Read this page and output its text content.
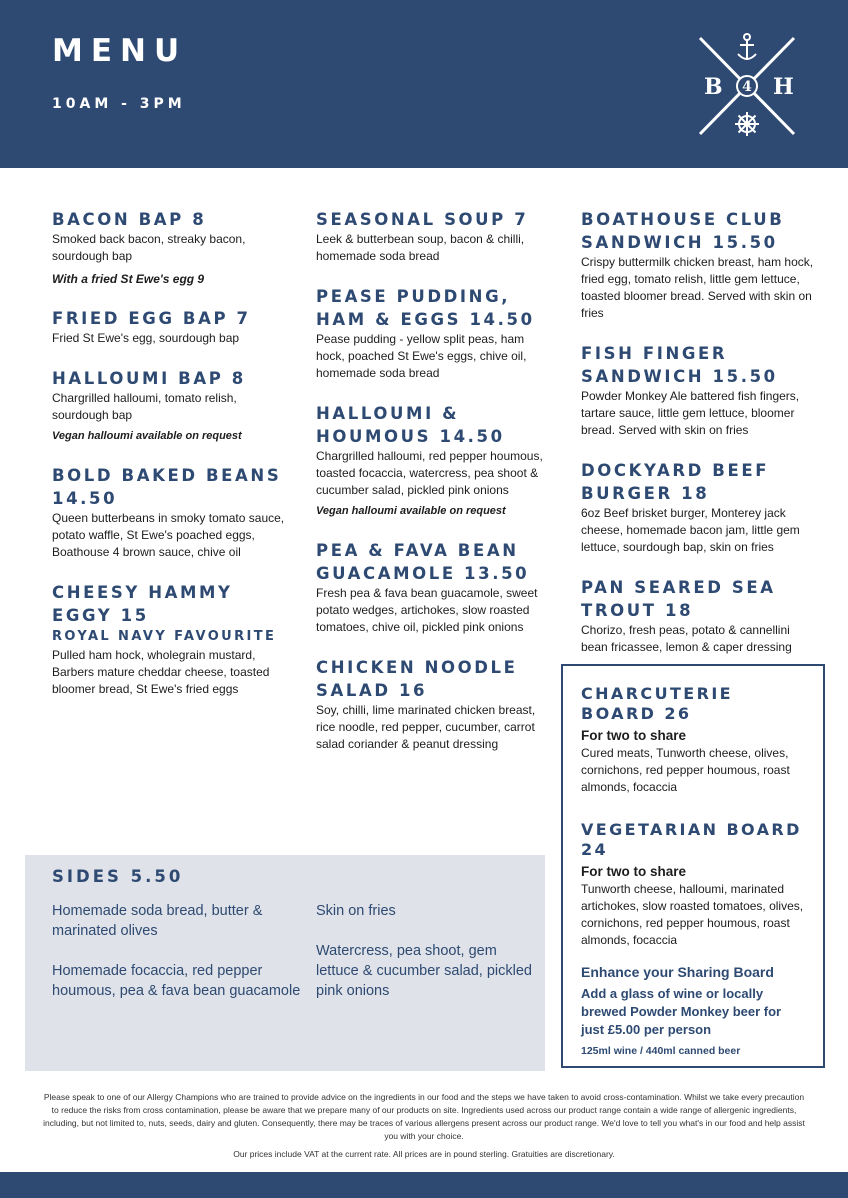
MENU
10AM - 3PM
4
B H
BACON BAP 8
Smoked back bacon, streaky bacon, sourdough bap
With a fried St Ewe's egg 9
FRIED EGG BAP 7
Fried St Ewe's egg, sourdough bap
HALLOUMI BAP 8
Chargrilled halloumi, tomato relish, sourdough bap
Vegan halloumi available on request
BOLD BAKED BEANS 14.50
Queen butterbeans in smoky tomato sauce, potato waffle, St Ewe's poached eggs, Boathouse 4 brown sauce, chive oil
CHEESY HAMMY EGGY 15
ROYAL NAVY FAVOURITE
Pulled ham hock, wholegrain mustard, Barbers mature cheddar cheese, toasted bloomer bread, St Ewe's fried eggs
SEASONAL SOUP 7
Leek & butterbean soup, bacon & chilli, homemade soda bread
PEASE PUDDING, HAM & EGGS 14.50
Pease pudding - yellow split peas, ham hock, poached St Ewe's eggs, chive oil, homemade soda bread
HALLOUMI & HOUMOUS 14.50
Chargrilled halloumi, red pepper houmous, toasted focaccia, watercress, pea shoot & cucumber salad, pickled pink onions
Vegan halloumi available on request
PEA & FAVA BEAN GUACAMOLE 13.50
Fresh pea & fava bean guacamole, sweet potato wedges, artichokes, slow roasted tomatoes, chive oil, pickled pink onions
CHICKEN NOODLE SALAD 16
Soy, chilli, lime marinated chicken breast, rice noodle, red pepper, cucumber, carrot salad coriander & peanut dressing
BOATHOUSE CLUB SANDWICH 15.50
Crispy buttermilk chicken breast, ham hock, fried egg, tomato relish, little gem lettuce, toasted bloomer bread. Served with skin on fries
FISH FINGER SANDWICH 15.50
Powder Monkey Ale battered fish fingers, tartare sauce, little gem lettuce, bloomer bread. Served with skin on fries
DOCKYARD BEEF BURGER 18
6oz Beef brisket burger, Monterey jack cheese, homemade bacon jam, little gem lettuce, sourdough bap, skin on fries
PAN SEARED SEA TROUT 18
Chorizo, fresh peas, potato & cannellini bean fricassee, lemon & caper dressing
CHARCUTERIE BOARD 26
For two to share
Cured meats, Tunworth cheese, olives, cornichons, red pepper houmous, roast almonds, focaccia
VEGETARIAN BOARD 24
For two to share
Tunworth cheese, halloumi, marinated artichokes, slow roasted tomatoes, olives, cornichons, red pepper houmous, roast almonds, focaccia
Enhance your Sharing Board
Add a glass of wine or locally brewed Powder Monkey beer for just £5.00 per person
125ml wine / 440ml canned beer
SIDES 5.50
Homemade soda bread, butter & marinated olives
Homemade focaccia, red pepper houmous, pea & fava bean guacamole
Skin on fries
Watercress, pea shoot, gem lettuce & cucumber salad, pickled pink onions
Please speak to one of our Allergy Champions who are trained to provide advice on the ingredients in our food and the steps we have taken to avoid cross-contamination. Whilst we take every precaution to reduce the risks from cross contamination, please be aware that we prepare many of our products on site. Ingredients used across our product range contain a wide range of allergenic ingredients, including, but not limited to, nuts, seeds, dairy and gluten. Consequently, there may be traces of various allergens present across our product range. We'd love to tell you what's in our food and help assist you with your choice.
Our prices include VAT at the current rate. All prices are in pound sterling. Gratuities are discretionary.
